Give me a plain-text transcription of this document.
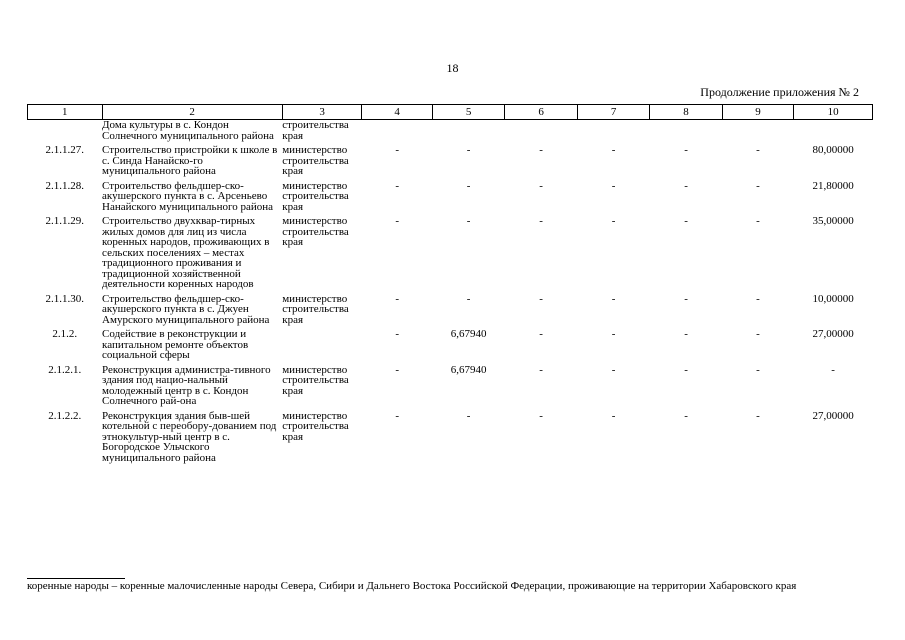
18
Продолжение приложения № 2
1	2	3	4	5	6	7	8	9	10
	Дома культуры в с. Кондон Солнечного муниципального района	строительства края							
2.1.1.27.	Строительство пристройки к школе в с. Синда Нанайско-го муниципального района	министерство строительства края	-	-	-	-	-	-	80,00000
2.1.1.28.	Строительство фельдшер-ско-акушерского пункта в с. Арсеньево Нанайского муниципального района	министерство строительства края	-	-	-	-	-	-	21,80000
2.1.1.29.	Строительство двухквар-тирных жилых домов для лиц из числа коренных народов, проживающих в сельских поселениях – местах традиционного проживания и традиционной хозяйственной деятельности коренных народов	министерство строительства края	-	-	-	-	-	-	35,00000
2.1.1.30.	Строительство фельдшер-ско-акушерского пункта в с. Джуен Амурского муниципального района	министерство строительства края	-	-	-	-	-	-	10,00000
2.1.2.	Содействие в реконструкции и капитальном ремонте объектов социальной сферы		-	6,67940	-	-	-	-	27,00000
2.1.2.1.	Реконструкция администра-тивного здания под нацио-нальный молодежный центр в с. Кондон Солнечного рай-она	министерство строительства края	-	6,67940	-	-	-	-	-
2.1.2.2.	Реконструкция здания быв-шей котельной с переобору-дованием под этнокультур-ный центр в с. Богородское Ульчского муниципального района	министерство строительства края	-	-	-	-	-	-	27,00000
коренные народы – коренные малочисленные народы Севера, Сибири и Дальнего Востока Российской Федерации, проживающие на территории Хабаровского края
